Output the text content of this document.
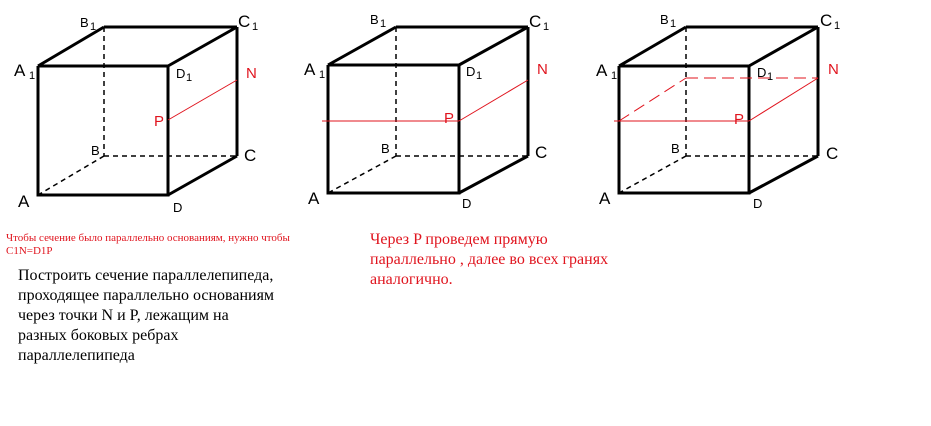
A 1
B 1	C 1
D 1	N
P
B	C
A	D
A 1
B 1	C 1
D 1	N
P
B	C
A	D
A 1
B 1	C 1
D 1	N
P
B	C
A	D
Чтобы сечение было параллельно основаниям, нужно чтобы C1N=D1P
Построить сечение параллелепипеда,
проходящее параллельно основаниям
через точки N и P, лежащим на
разных боковых ребрах
параллелепипеда
Через P проведем прямую
параллельно , далее во всех гранях
аналогично.
